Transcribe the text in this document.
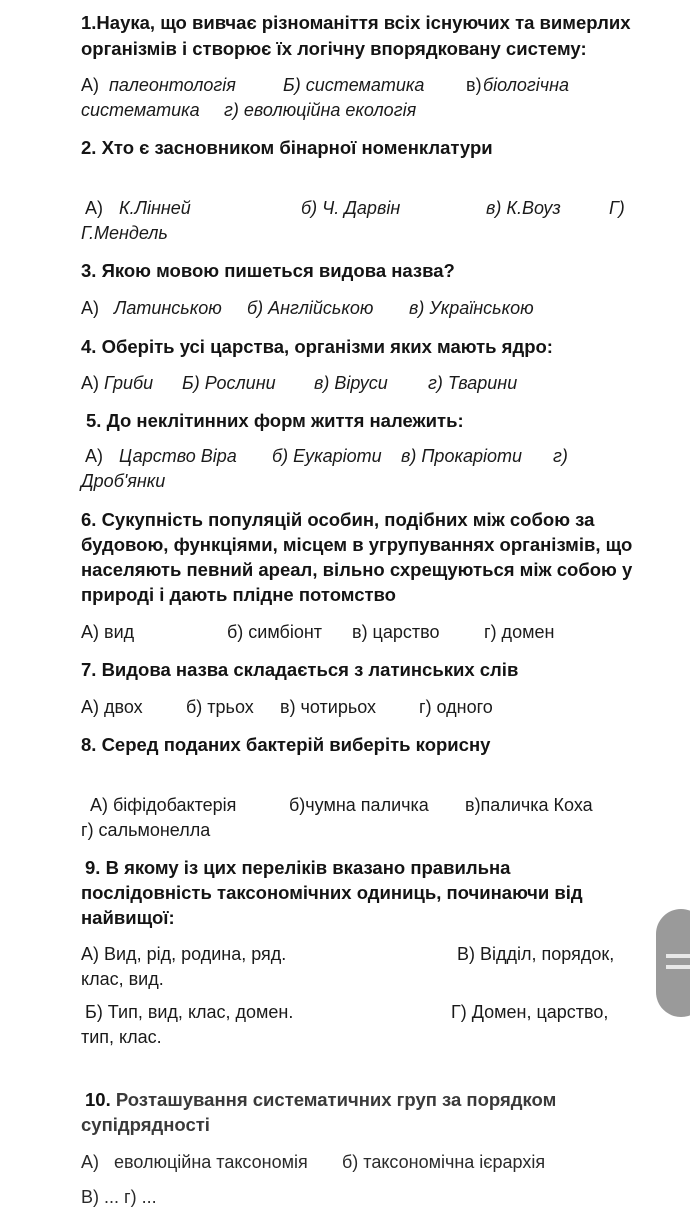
1.Наука, що вивчає різноманіття всіх існуючих та вимерлих
організмів і створює їх логічну впорядковану систему:
А) палеонтологія	Б) систематика в) біологічна
систематика г) еволюційна екологія
2. Хто є засновником бінарної номенклатури
А) К.Лінней	б) Ч. Дарвін	в) К.Воуз	Г)
Г.Мендель
3. Якою мовою пишеться видова назва?
А) Латинською б) Англійською в) Українською
4. Оберіть усі царства, організми яких мають ядро:
А) Гриби Б) Рослини в) Віруси г) Тварини
5. До неклітинних форм життя належить:
А) Царство Віра б) Еукаріоти в) Прокаріоти г)
Дроб'янки
6. Сукупність популяцій особин, подібних між собою за
будовою, функціями, місцем в угрупуваннях організмів, що
населяють певний ареал, вільно схрещуються між собою у
природі і дають плідне потомство
А) вид	б) симбіонт в) царство г) домен
7. Видова назва складається з латинських слів
А) двох б) трьох в) чотирьох г) одного
8. Серед поданих бактерій виберіть корисну
А) біфідобактерія	б)чумна паличка в)паличка Коха
г) сальмонелла
9. В якому із цих переліків вказано правильна
послідовність таксономічних одиниць, починаючи від
найвищої:
А) Вид, рід, родина, ряд.	В) Відділ, порядок,
клас, вид.
Б) Тип, вид, клас, домен.	Г) Домен, царство,
тип, клас.
10. Розташування систематичних груп за порядком
супідрядності
А) еволюційна таксономія б) таксономічна ієрархія
В) ... г) ...
